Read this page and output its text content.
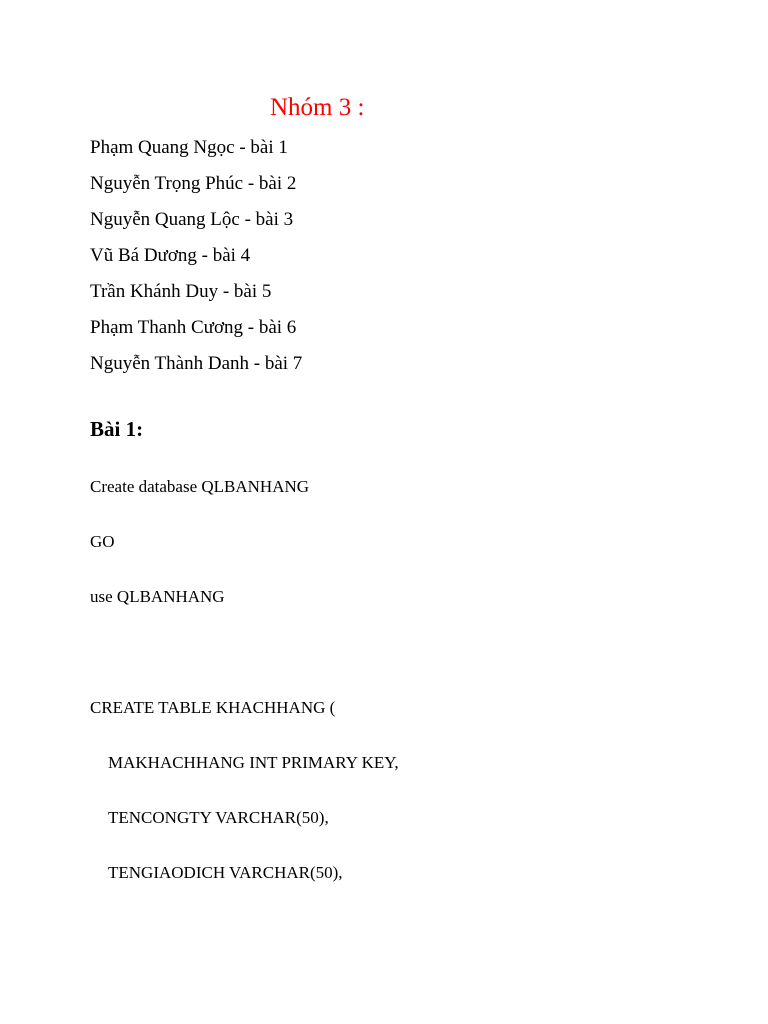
Nhóm 3 :
Phạm Quang Ngọc - bài 1
Nguyễn Trọng Phúc - bài 2
Nguyễn Quang Lộc - bài 3
Vũ Bá Dương - bài 4
Trần Khánh Duy - bài 5
Phạm Thanh Cương - bài 6
Nguyễn Thành Danh - bài 7
Bài 1:
Create database QLBANHANG
GO
use QLBANHANG
CREATE TABLE KHACHHANG (
MAKHACHHANG INT PRIMARY KEY,
TENCONGTY VARCHAR(50),
TENGIAODICH VARCHAR(50),
